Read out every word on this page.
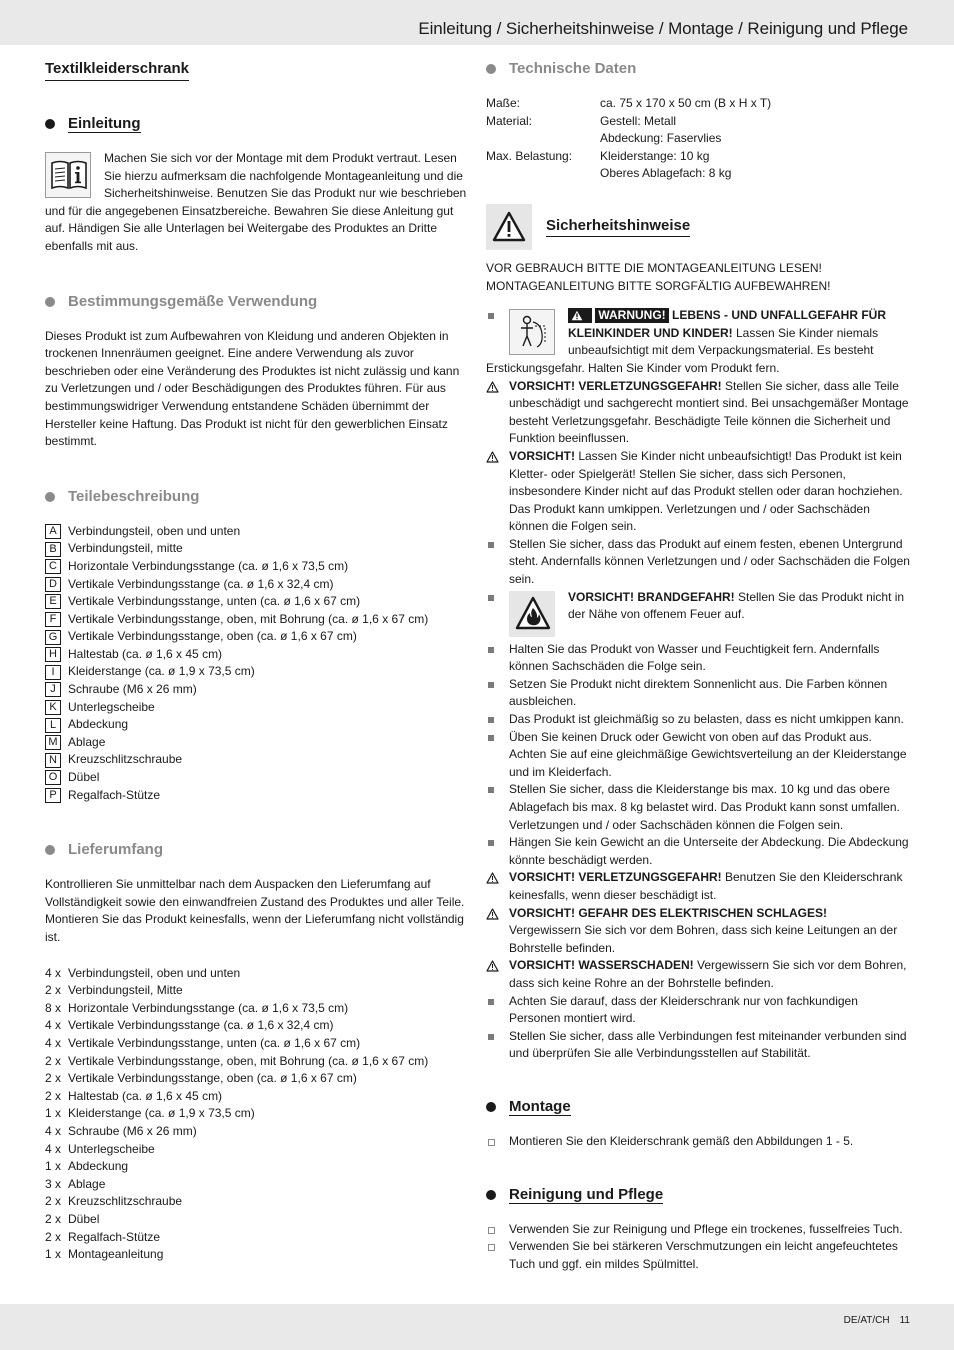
Einleitung / Sicherheitshinweise / Montage / Reinigung und Pflege
Textilkleiderschrank
Einleitung

Machen Sie sich vor der Montage mit dem Produkt vertraut. Lesen Sie hierzu aufmerksam die nachfolgende Montageanleitung und die Sicherheitshinweise. Benutzen Sie das Produkt nur wie beschrieben und für die angegebenen Einsatzbereiche. Bewahren Sie diese Anleitung gut auf. Händigen Sie alle Unterlagen bei Weitergabe des Produktes an Dritte ebenfalls mit aus.

Bestimmungsgemäße Verwendung

Dieses Produkt ist zum Aufbewahren von Kleidung und anderen Objekten in trockenen Innenräumen geeignet. Eine andere Verwendung als zuvor beschrieben oder eine Veränderung des Produktes ist nicht zulässig und kann zu Verletzungen und / oder Beschädigungen des Produktes führen. Für aus bestimmungswidriger Verwendung entstandene Schäden übernimmt der Hersteller keine Haftung. Das Produkt ist nicht für den gewerblichen Einsatz bestimmt.

Teilebeschreibung
A Verbindungsteil, oben und unten
B Verbindungsteil, mitte
C Horizontale Verbindungsstange (ca. ø 1,6 x 73,5 cm)
D Vertikale Verbindungsstange (ca. ø 1,6 x 32,4 cm)
E Vertikale Verbindungsstange, unten (ca. ø 1,6 x 67 cm)
F Vertikale Verbindungsstange, oben, mit Bohrung (ca. ø 1,6 x 67 cm)
G Vertikale Verbindungsstange, oben (ca. ø 1,6 x 67 cm)
H Haltestab (ca. ø 1,6 x 45 cm)
I	Kleiderstange (ca. ø 1,9 x 73,5 cm)
J	Schraube (M6 x 26 mm)
K Unterlegscheibe
L Abdeckung
M Ablage
N Kreuzschlitzschraube
O Dübel
P Regalfach-Stütze
Lieferumfang

Kontrollieren Sie unmittelbar nach dem Auspacken den Lieferumfang auf Vollständigkeit sowie den einwandfreien Zustand des Produktes und aller Teile. Montieren Sie das Produkt keinesfalls, wenn der Lieferumfang nicht vollständig ist.

4 x Verbindungsteil, oben und unten
2 x Verbindungsteil, Mitte
8 x Horizontale Verbindungsstange (ca. ø 1,6 x 73,5 cm)
4 x Vertikale Verbindungsstange (ca. ø 1,6 x 32,4 cm)
4 x Vertikale Verbindungsstange, unten (ca. ø 1,6 x 67 cm)
2 x Vertikale Verbindungsstange, oben, mit Bohrung (ca. ø 1,6 x 67 cm)
2 x Vertikale Verbindungsstange, oben (ca. ø 1,6 x 67 cm)
2 x Haltestab (ca. ø 1,6 x 45 cm)
1 x Kleiderstange (ca. ø 1,9 x 73,5 cm)
4 x Schraube (M6 x 26 mm)
4 x Unterlegscheibe
1 x Abdeckung
3 x Ablage
2 x Kreuzschlitzschraube
2 x Dübel
2 x Regalfach-Stütze
1 x Montageanleitung
Technische Daten
Maße:	ca. 75 x 170 x 50 cm (B x H x T)
Material:	Gestell: Metall
Abdeckung: Faservlies
Max. Belastung:	Kleiderstange: 10 kg
Oberes Ablagefach: 8 kg
Sicherheitshinweise
VOR GEBRAUCH BITTE DIE MONTAGEANLEITUNG LESEN!
MONTAGEANLEITUNG BITTE SORGFÄLTIG AUFBEWAHREN!
WARNUNG! LEBENS - UND UNFALLGEFAHR FÜR KLEINKINDER UND KINDER! Lassen Sie Kinder niemals unbeaufsichtigt mit dem Verpackungsmaterial. Es besteht
Erstickungsgefahr. Halten Sie Kinder vom Produkt fern.
VORSICHT! VERLETZUNGSGEFAHR! Stellen Sie sicher, dass alle Teile unbeschädigt und sachgerecht montiert sind. Bei unsachgemäßer Montage besteht Verletzungsgefahr. Beschädigte Teile können die Sicherheit und Funktion beeinflussen.
VORSICHT! Lassen Sie Kinder nicht unbeaufsichtigt! Das Produkt ist kein Kletter- oder Spielgerät! Stellen Sie sicher, dass sich Personen, insbesondere Kinder nicht auf das Produkt stellen oder daran hochziehen. Das Produkt kann umkippen. Verletzungen und / oder Sachschäden können die Folgen sein.
Stellen Sie sicher, dass das Produkt auf einem festen, ebenen Untergrund steht. Andernfalls können Verletzungen und / oder Sachschäden die Folgen sein.
VORSICHT! BRANDGEFAHR! Stellen Sie das Produkt nicht in der Nähe von offenem Feuer auf.
Halten Sie das Produkt von Wasser und Feuchtigkeit fern. Andernfalls können Sachschäden die Folge sein.
Setzen Sie Produkt nicht direktem Sonnenlicht aus. Die Farben können ausbleichen.
Das Produkt ist gleichmäßig so zu belasten, dass es nicht umkippen kann.
Üben Sie keinen Druck oder Gewicht von oben auf das Produkt aus. Achten Sie auf eine gleichmäßige Gewichtsverteilung an der Kleiderstange und im Kleiderfach.
Stellen Sie sicher, dass die Kleiderstange bis max. 10 kg und das obere Ablagefach bis max. 8 kg belastet wird. Das Produkt kann sonst umfallen. Verletzungen und / oder Sachschäden können die Folgen sein.
Hängen Sie kein Gewicht an die Unterseite der Abdeckung. Die Abdeckung könnte beschädigt werden.
VORSICHT! VERLETZUNGSGEFAHR! Benutzen Sie den Kleiderschrank keinesfalls, wenn dieser beschädigt ist.
VORSICHT! GEFAHR DES ELEKTRISCHEN SCHLAGES!
Vergewissern Sie sich vor dem Bohren, dass sich keine Leitungen an der Bohrstelle befinden.
VORSICHT! WASSERSCHADEN! Vergewissern Sie sich vor dem Bohren, dass sich keine Rohre an der Bohrstelle befinden.
Achten Sie darauf, dass der Kleiderschrank nur von fachkundigen Personen montiert wird.
Stellen Sie sicher, dass alle Verbindungen fest miteinander verbunden sind und überprüfen Sie alle Verbindungsstellen auf Stabilität.
Montage
Montieren Sie den Kleiderschrank gemäß den Abbildungen 1 - 5.
Reinigung und Pflege
Verwenden Sie zur Reinigung und Pflege ein trockenes, fusselfreies Tuch.
Verwenden Sie bei stärkeren Verschmutzungen ein leicht angefeuchtetes Tuch und ggf. ein mildes Spülmittel.
DE/AT/CH 11
